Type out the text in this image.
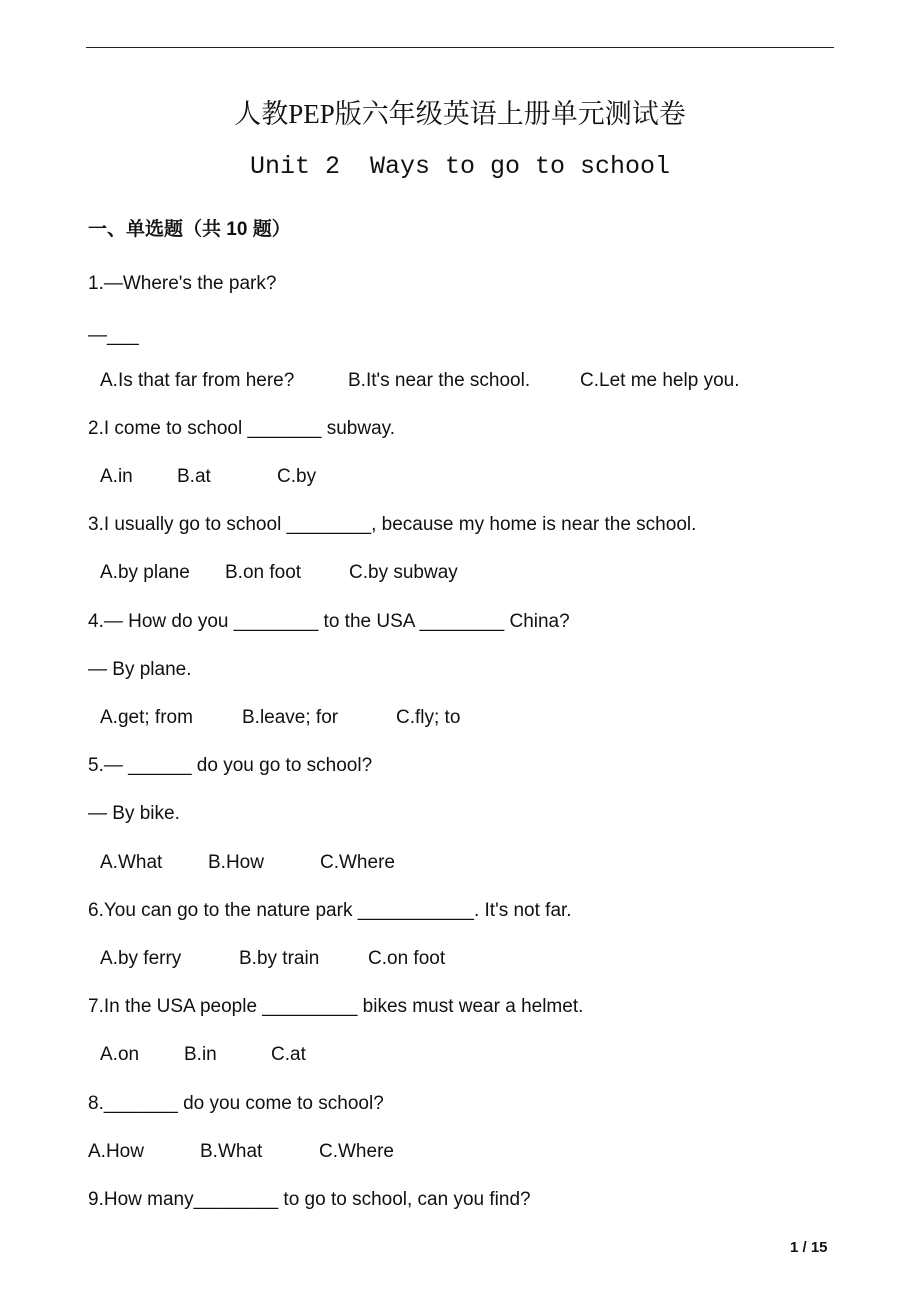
人教PEP版六年级英语上册单元测试卷
Unit 2  Ways to go to school
一、单选题（共 10 题）
1.—Where's the park?
—___
A.Is that far from here?	B.It's near the school.	C.Let me help you.
2.I come to school _______ subway.
A.in B.at	C.by
3.I usually go to school ________, because my home is near the school.
A.by plane B.on foot	C.by subway
4.— How do you ________ to the USA ________ China?
— By plane.
A.get; from	B.leave; for	C.fly; to
5.— ______ do you go to school?
— By bike.
A.What B.How	C.Where
6.You can go to the nature park ___________. It's not far.
A.by ferry	B.by train	C.on foot
7.In the USA people _________ bikes must wear a helmet.
A.on B.in	C.at
8._______ do you come to school?
A.How	B.What	C.Where
9.How many________ to go to school, can you find?
1 / 15
